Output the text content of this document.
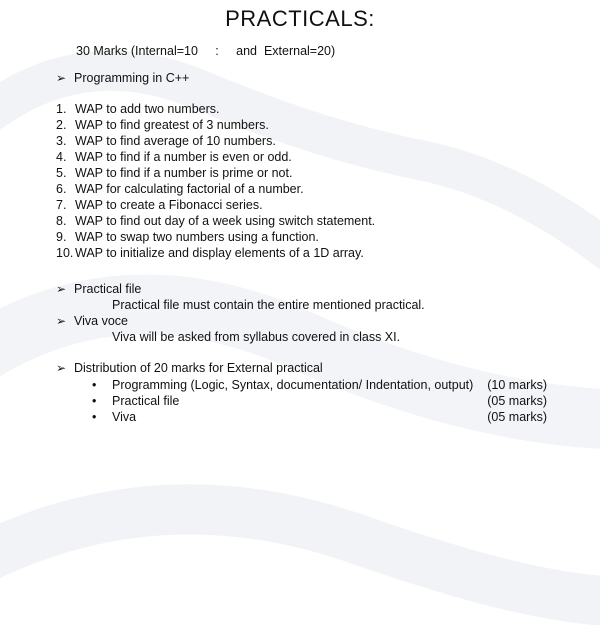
PRACTICALS:
30 Marks (Internal=10     :     and  External=20)
➢ Programming in C++
1. WAP to add two numbers.
2. WAP to find greatest of 3 numbers.
3. WAP to find average of 10 numbers.
4. WAP to find if a number is even or odd.
5. WAP to find if a number is prime or not.
6. WAP for calculating factorial of a number.
7. WAP to create a Fibonacci series.
8. WAP to find out day of a week using switch statement.
9. WAP to swap two numbers using a function.
10. WAP to initialize and display elements of a 1D array.
➢ Practical file
Practical file must contain the entire mentioned practical.
➢ Viva voce
Viva will be asked from syllabus covered in class XI.
➢ Distribution of 20 marks for External practical
•	Programming (Logic, Syntax, documentation/ Indentation, output)	(10 marks)
•	Practical file	(05 marks)
•	Viva	(05 marks)
